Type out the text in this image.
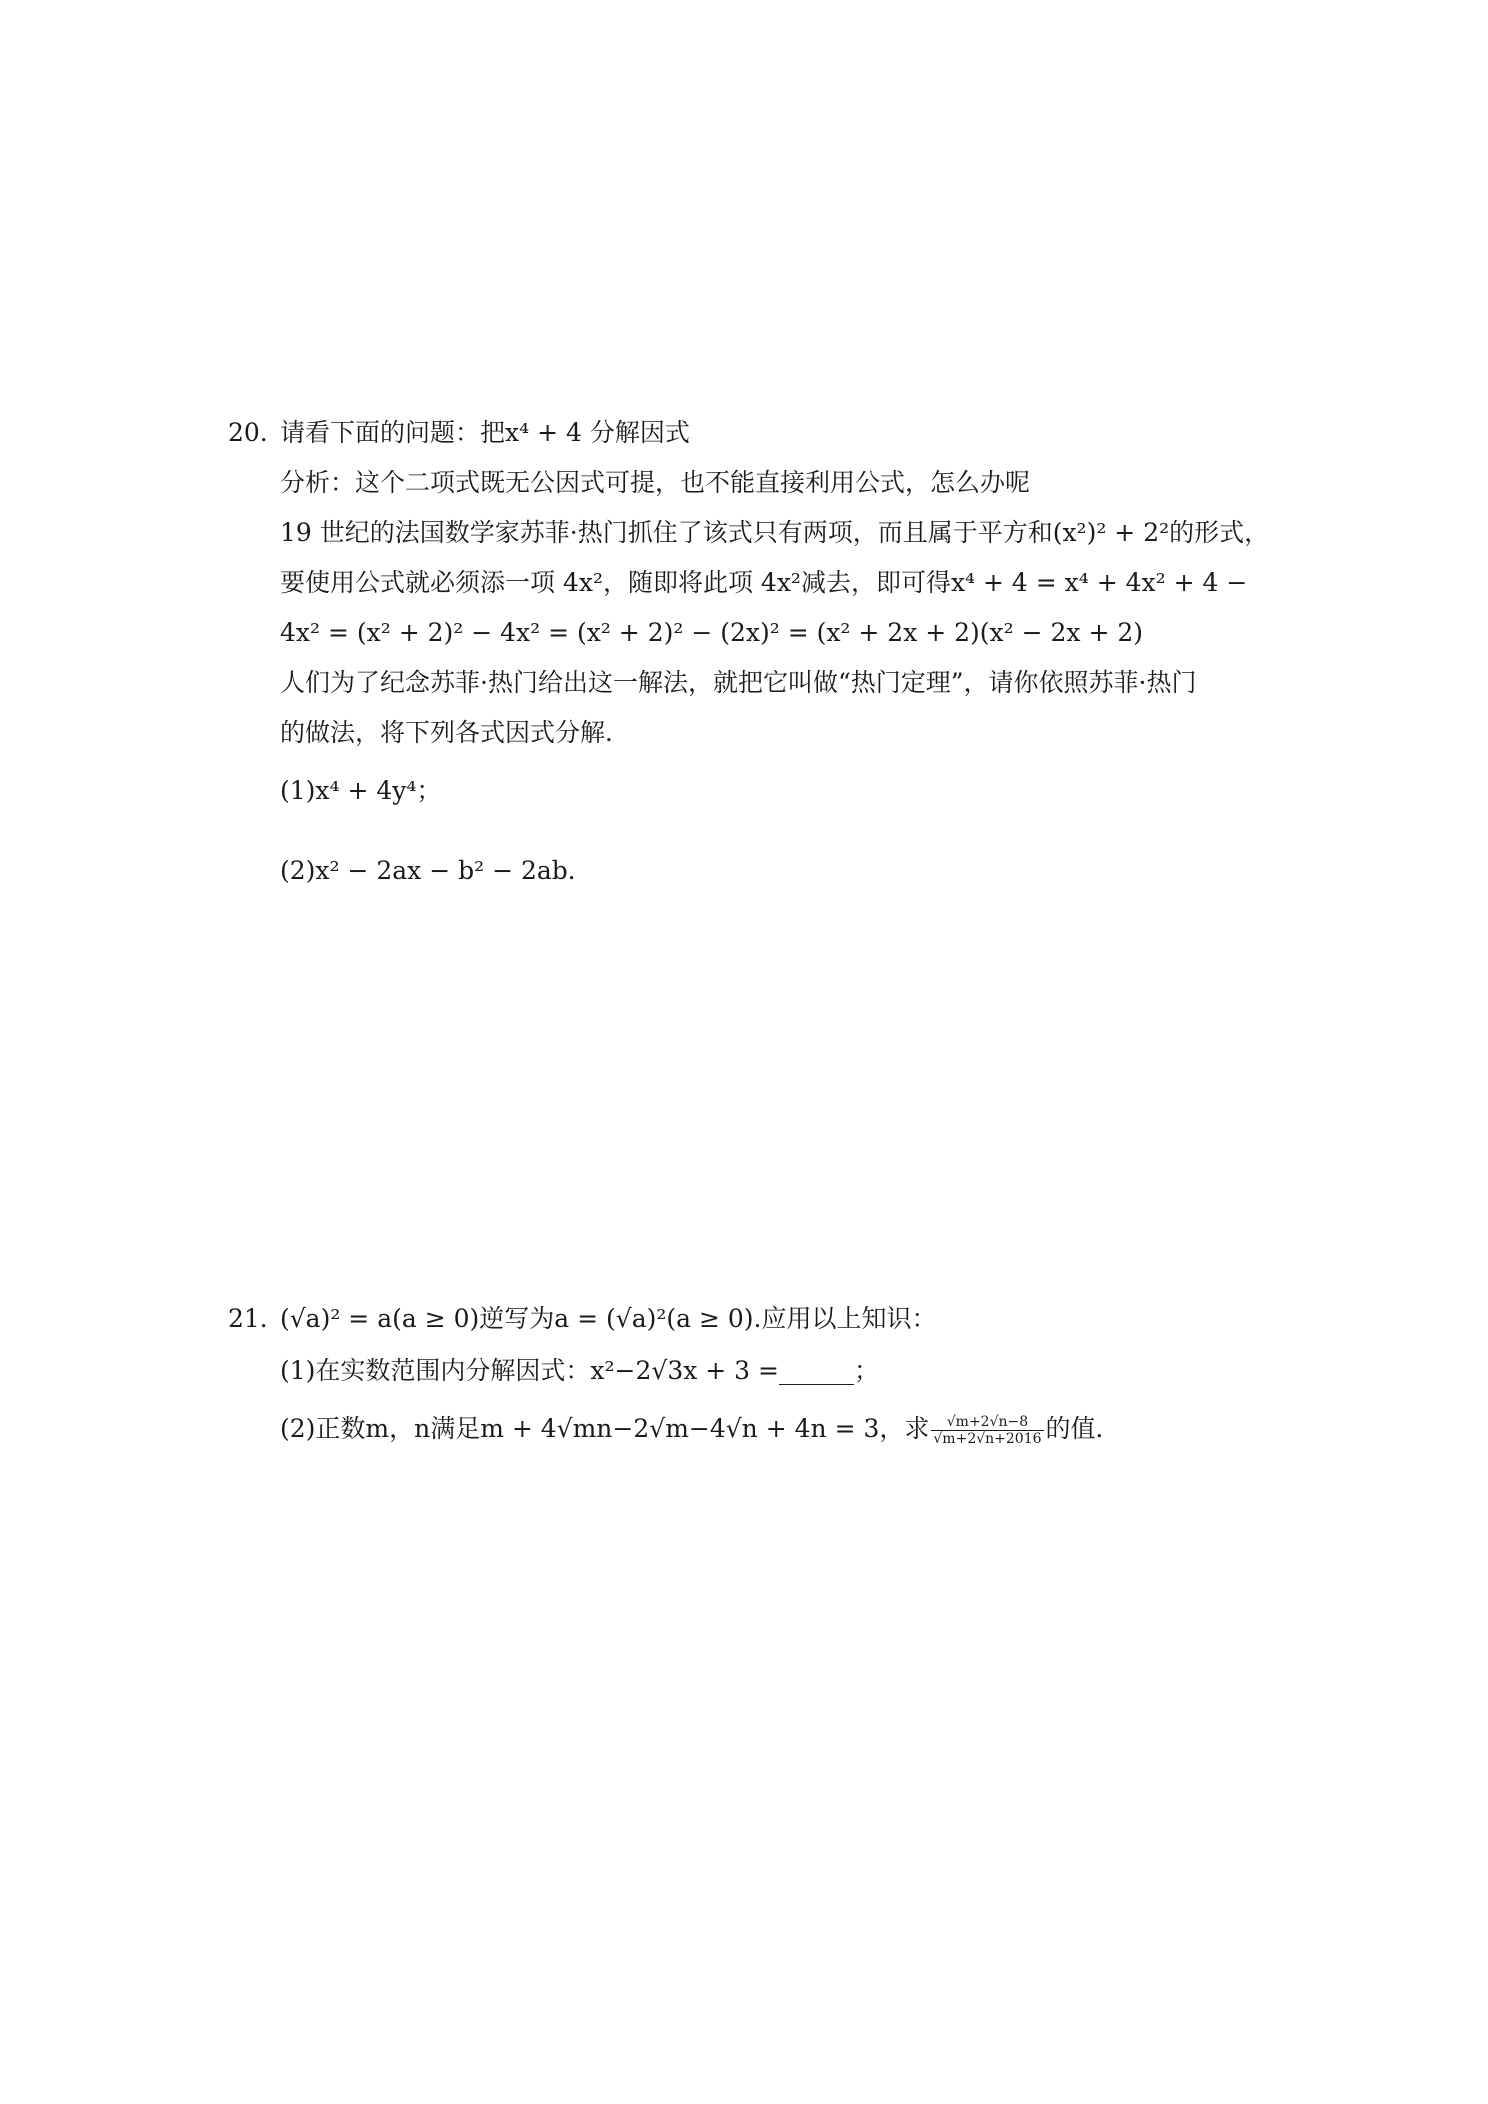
20. 请看下面的问题：把x⁴ + 4 分解因式
分析：这个二项式既无公因式可提，也不能直接利用公式，怎么办呢
19 世纪的法国数学家苏菲·热门抓住了该式只有两项，而且属于平方和(x²)² + 2²的形式，
要使用公式就必须添一项 4x²，随即将此项 4x²减去，即可得x⁴ + 4 = x⁴ + 4x² + 4 −
4x² = (x² + 2)² − 4x² = (x² + 2)² − (2x)² = (x² + 2x + 2)(x² − 2x + 2)
人们为了纪念苏菲·热门给出这一解法，就把它叫做“热门定理”，请你依照苏菲·热门
的做法，将下列各式因式分解．
(1)x⁴ + 4y⁴；
(2)x² − 2ax − b² − 2ab．
21．
(√a)² = a(a ≥ 0)逆写为a = (√a)²(a ≥ 0).应用以上知识：
(1)在实数范围内分解因式：x²−2√3x + 3 =______；
(2)正数m，n满足m + 4√mn−2√m−4√n + 4n = 3，求 $\frac{√m+2√n-8}{√m+2√n+2016}$ 的值．
